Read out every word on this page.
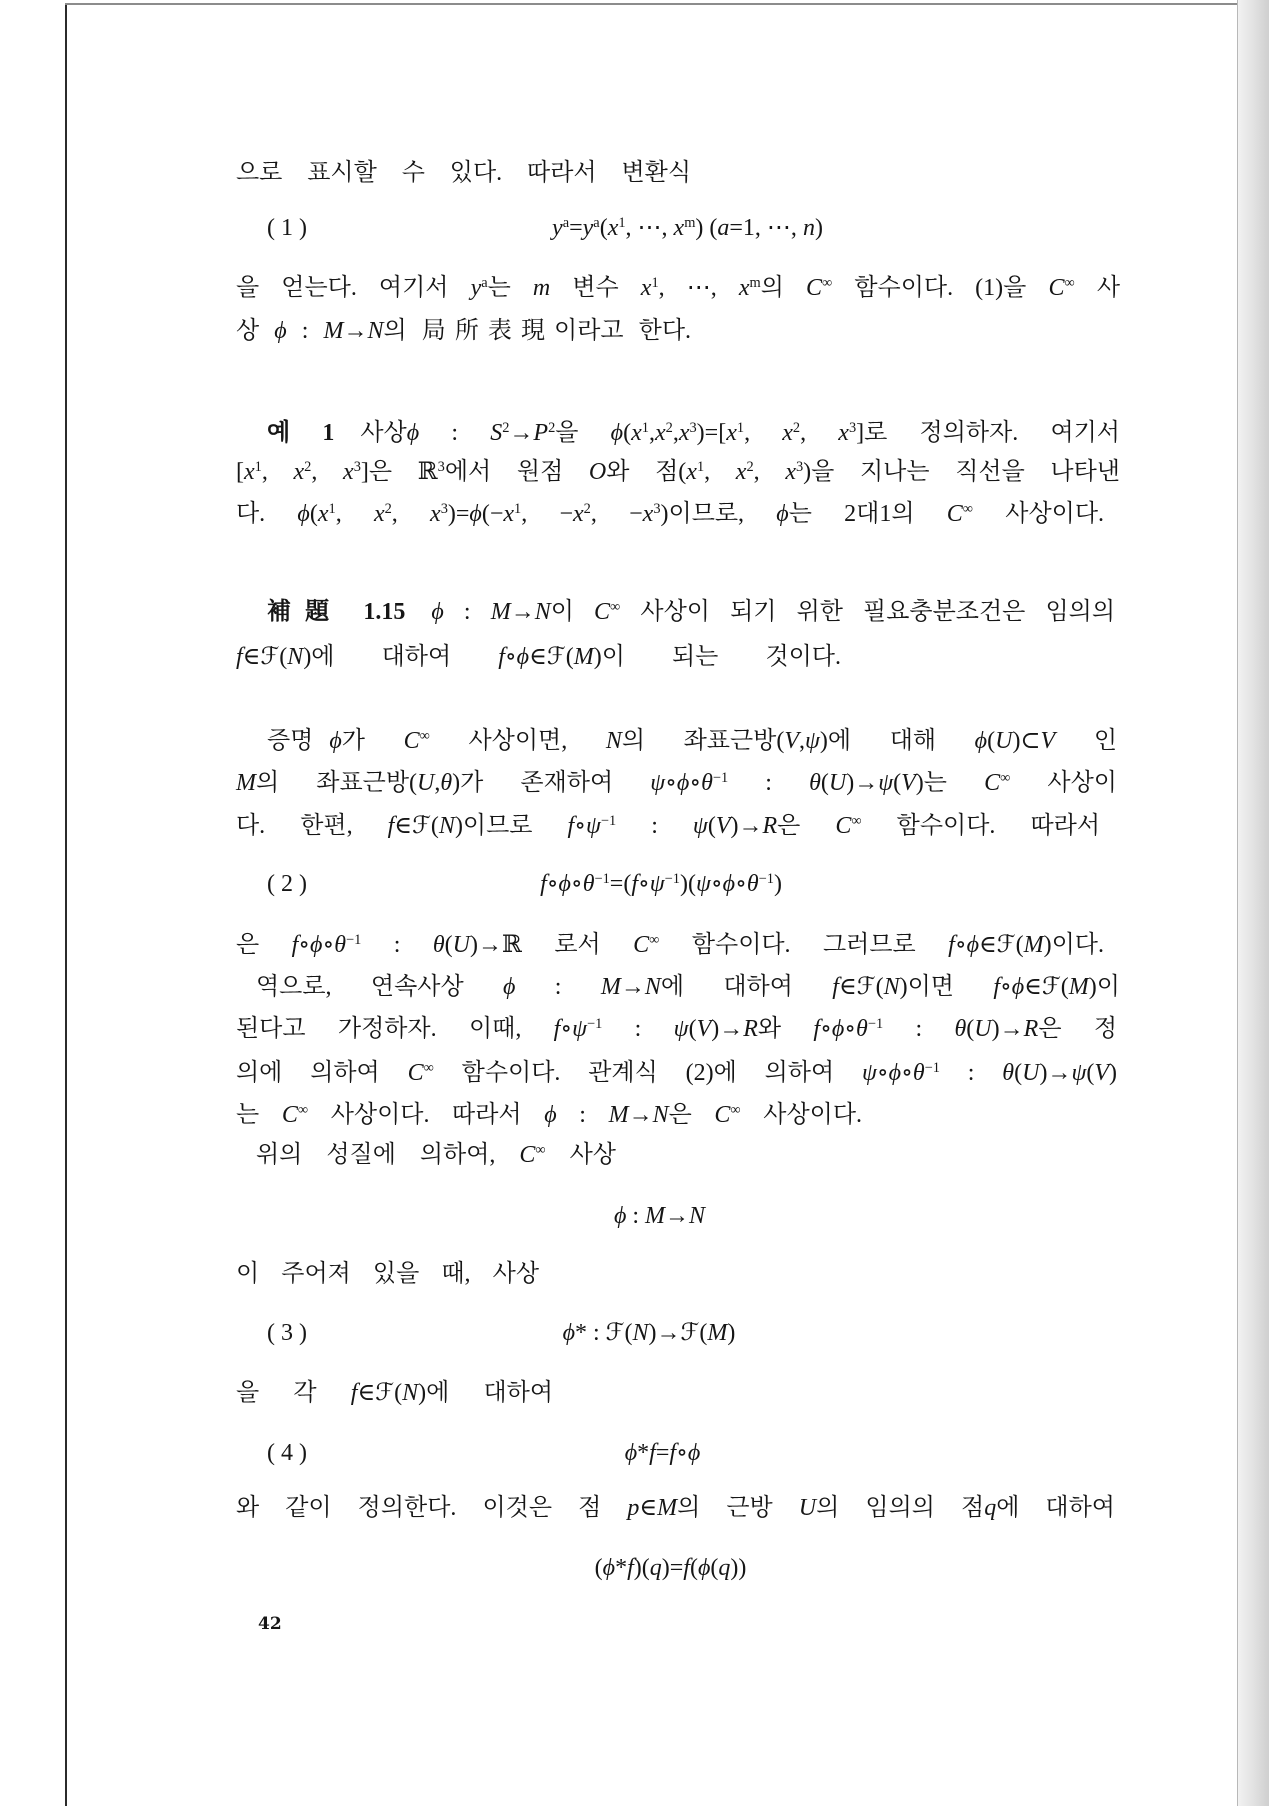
으로 표시할 수 있다. 따라서 변환식
(1)	$y^a=y^a(x^1$, ⋯, $x^m$) (a=1, ⋯, n)
을 얻는다. 여기서 $y^a$는 m 변수 $x^1$, ⋯, $x^m$의 C∞ 함수이다. (1)을 C∞ 사
상 ϕ : M→N의 局所表現이라고 한다.
예 1 사상ϕ : $S^2\to P^2$을 $\phi(x^1,x^2,x^3)=[x^1$, $x^2$, $x^3$]로 정의하자. 여기서
[$x^1$, $x^2$, $x^3$]은 ℝ$^3$에서 원점 O와 점($x^1$, $x^2$, $x^3$)을 지나는 직선을 나타낸
다. $\phi(x^1$, $x^2$, $x^3)=\phi(-x^1$, $-x^2$, $-x^3$)이므로, ϕ는 2대1의 C∞ 사상이다.
補題 1.15 ϕ : M→N이 C∞ 사상이 되기 위한 필요충분조건은 임의의
f∈ℱ(N)에 대하여 f∘ϕ∈ℱ(M)이 되는 것이다.
증명 ϕ가 C∞ 사상이면, N의 좌표근방(V,ψ)에 대해 ϕ(U)⊂V 인
M의 좌표근방(U,θ)가 존재하여 $\psi\circ\phi\circ\theta^{-1}$ : θ(U)→ψ(V)는 C∞ 사상이
다. 한편, f∈ℱ(N)이므로 $f\circ\psi^{-1}$ : ψ(V)→R은 C∞ 함수이다. 따라서
(2)	$f\circ\phi\circ\theta^{-1}=(f\circ\psi^{-1})(\psi\circ\phi\circ\theta^{-1})$
은 $f\circ\phi\circ\theta^{-1}$ : θ(U)→ℝ 로서 C∞ 함수이다. 그러므로 f∘ϕ∈ℱ(M)이다.
역으로, 연속사상 ϕ : M→N에 대하여 f∈ℱ(N)이면 f∘ϕ∈ℱ(M)이
된다고 가정하자. 이때, $f\circ\psi^{-1}$ : ψ(V)→R와 $f\circ\phi\circ\theta^{-1}$ : θ(U)→R은 정
의에 의하여 C∞ 함수이다. 관계식 (2)에 의하여 $\psi\circ\phi\circ\theta^{-1}$ : θ(U)→ψ(V)
는 C∞ 사상이다. 따라서 ϕ : M→N은 C∞ 사상이다.
위의 성질에 의하여, C∞ 사상
ϕ : M→N
이 주어져 있을 때, 사상
(3)	ϕ* : ℱ(N)→ℱ(M)
을 각 f∈ℱ(N)에 대하여
(4)	ϕ*f=f∘ϕ
와 같이 정의한다. 이것은 점 p∈M의 근방 U의 임의의 점q에 대하여
(ϕ*f)(q)=f(ϕ(q))
42
